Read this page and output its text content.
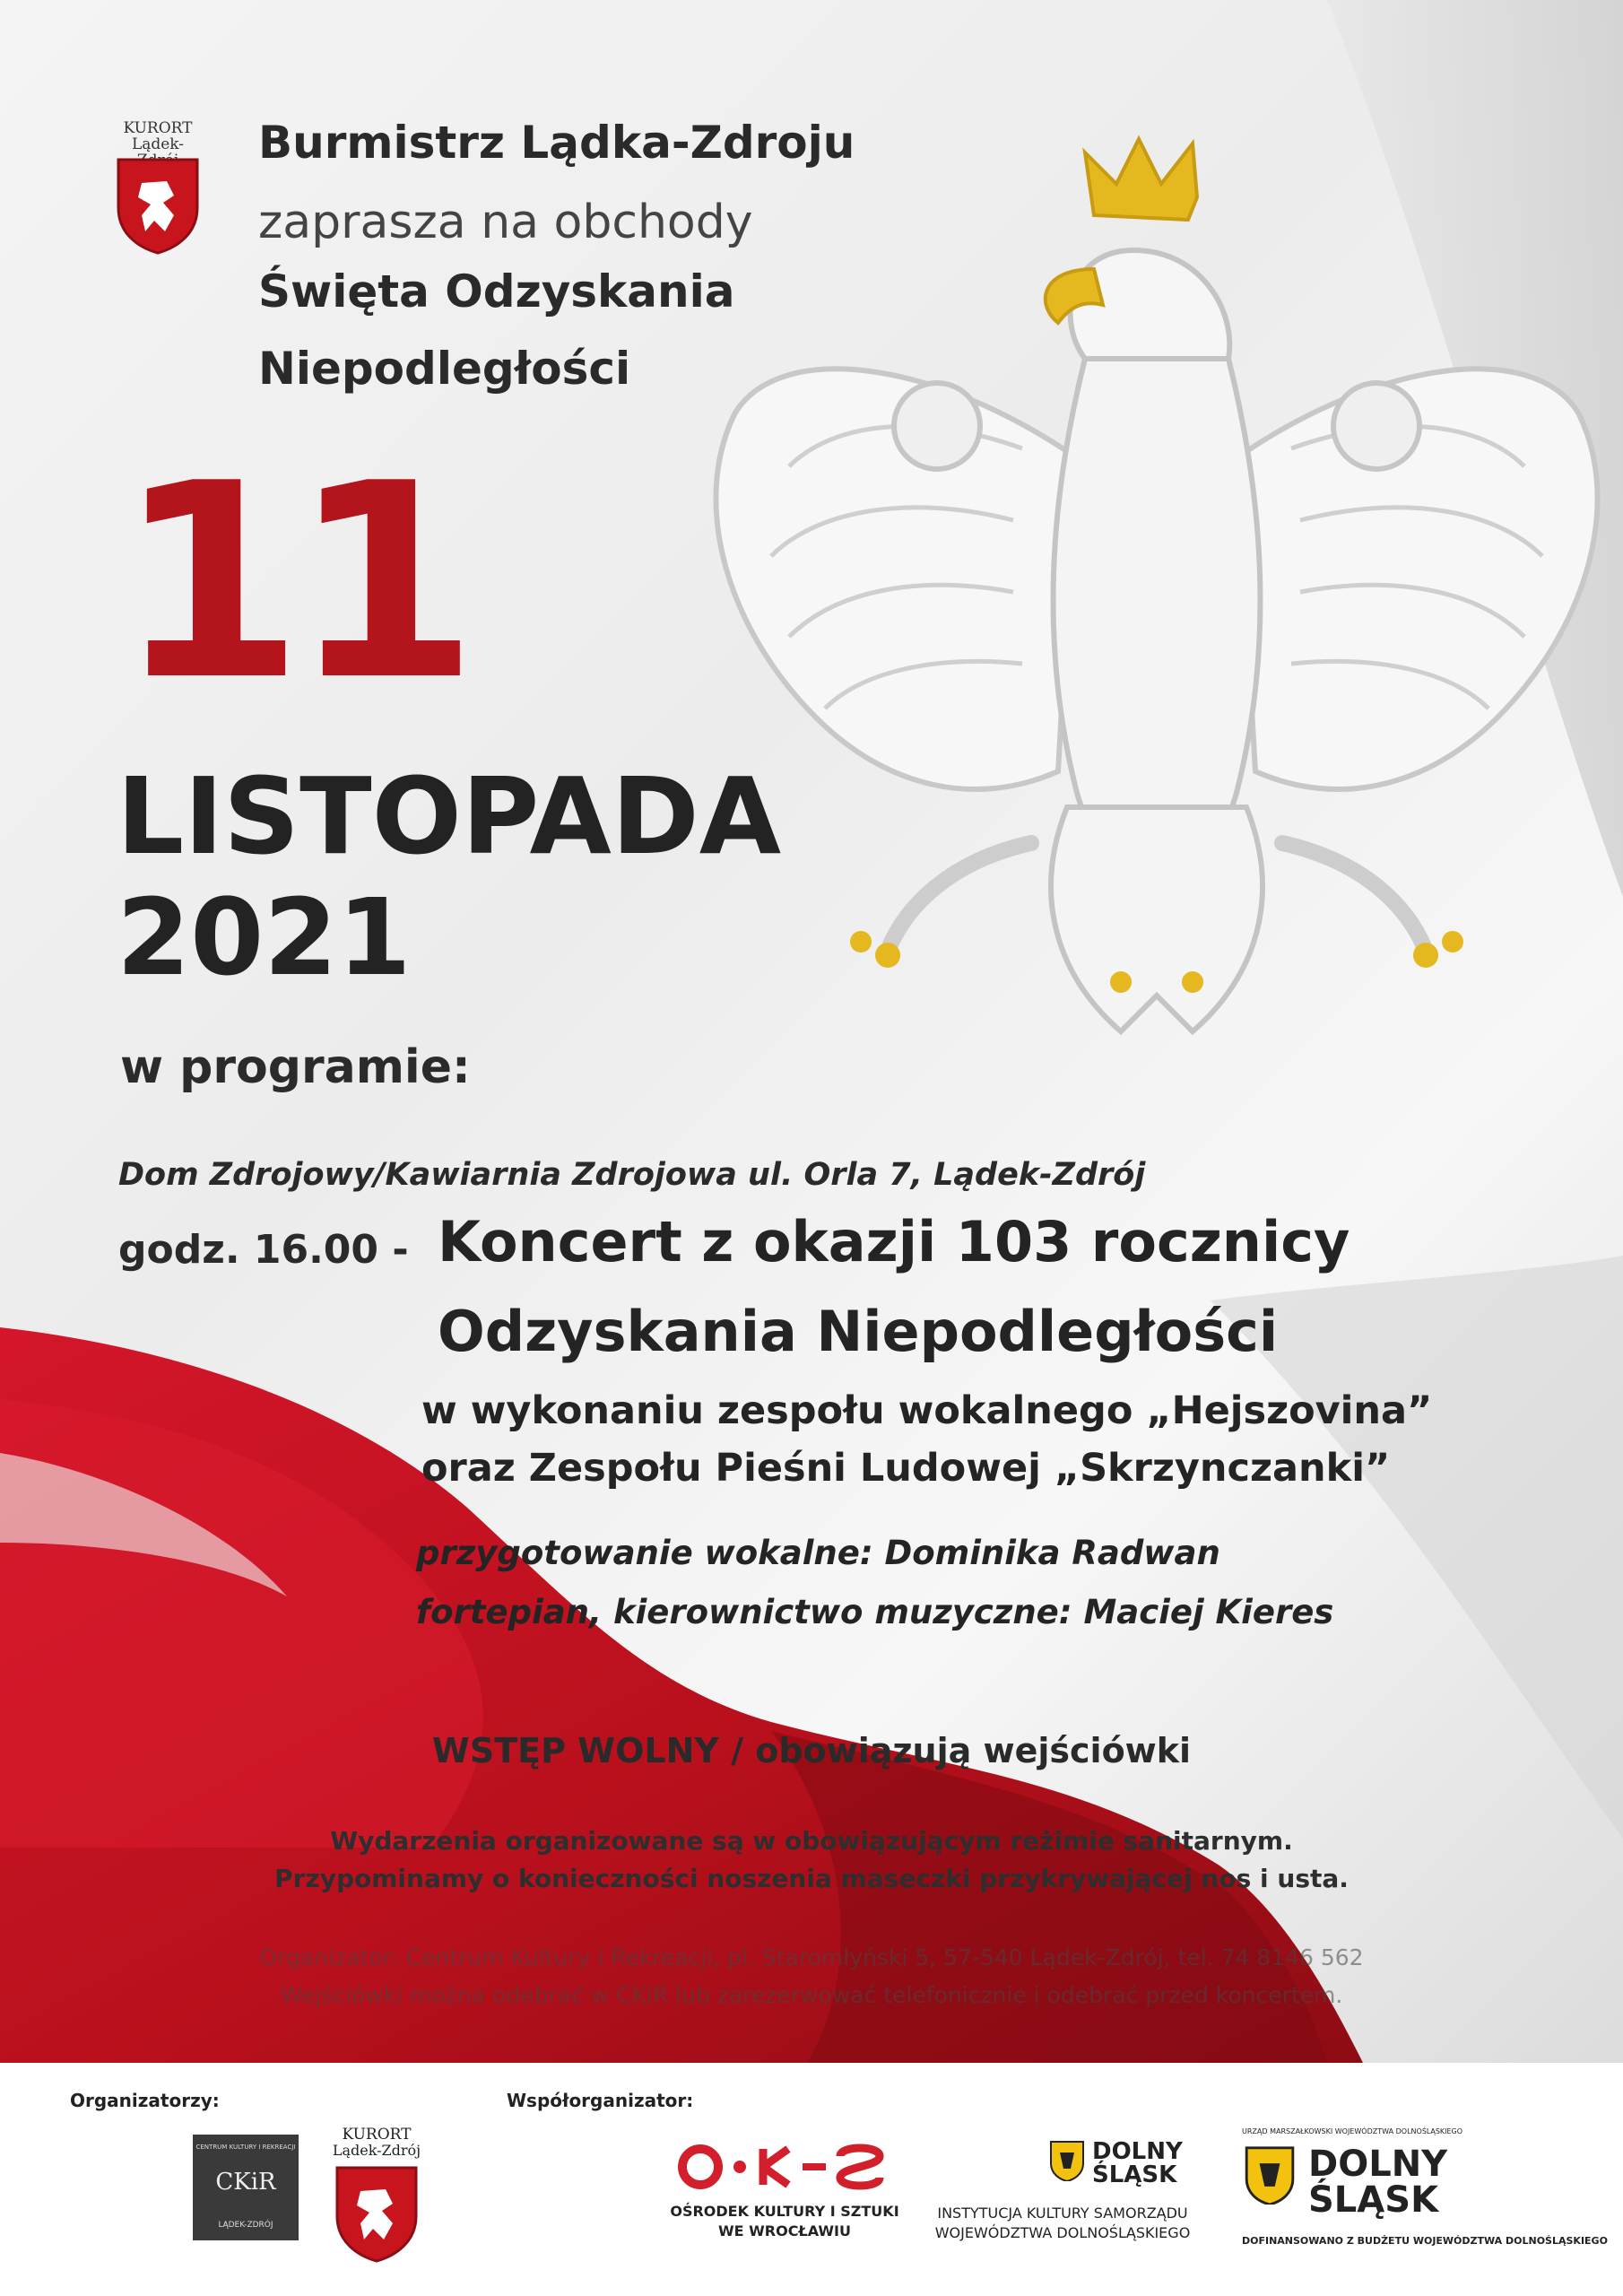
KURORT
Lądek-	Burmistrz Lądka-Zdroju
zaprasza na obchody
Święta Odzyskania
Niepodległości
11
LISTOPADA
2021
w programie:
Dom Zdrojowy/Kawiarnia Zdrojowa ul. Orla 7, Lądek-Zdrój
godz. 16.00 - Koncert z okazji 103 rocznicy
Odzyskania Niepodległości
w wykonaniu zespołu wokalnego „Hejszovina”
oraz Zespołu Pieśni Ludowej „Skrzynczanki”
przygotowanie wokalne: Dominika Radwan
fortepian, kierownictwo muzyczne: Maciej Kieres
WSTĘP WOLNY / obowiązują wejściówki
Wydarzenia organizowane są w obowiązującym reżimie sanitarnym.
Przypominamy o konieczności noszenia maseczki przykrywającej nos i usta.
Organizator: Centrum Kultury i Rekreacji, pl. Staromłyński 5, 57-540 Lądek-Zdrój, tel. 74 8146 562
Wejściówki można odebrać w CKiR lub zarezerwować telefonicznie i odebrać przed koncertem.
Organizatorzy:	Współorganizator:
CENTRUM KULTURY I REKREACJI
CKiR
LĄDEK-ZDRÓJ
KURORT
Lądek-Zdrój
OŚRODEK KULTURY I SZTUKI
WE WROCŁAWIU
DOLNY
ŚLĄSK
INSTYTUCJA KULTURY SAMORZĄDU
WOJEWÓDZTWA DOLNOŚLĄSKIEGO
URZĄD MARSZAŁKOWSKI WOJEWÓDZTWA DOLNOŚLĄSKIEGO
DOLNY
ŚLĄSK
DOFINANSOWANO Z BUDŻETU WOJEWÓDZTWA DOLNOŚLĄSKIEGO
